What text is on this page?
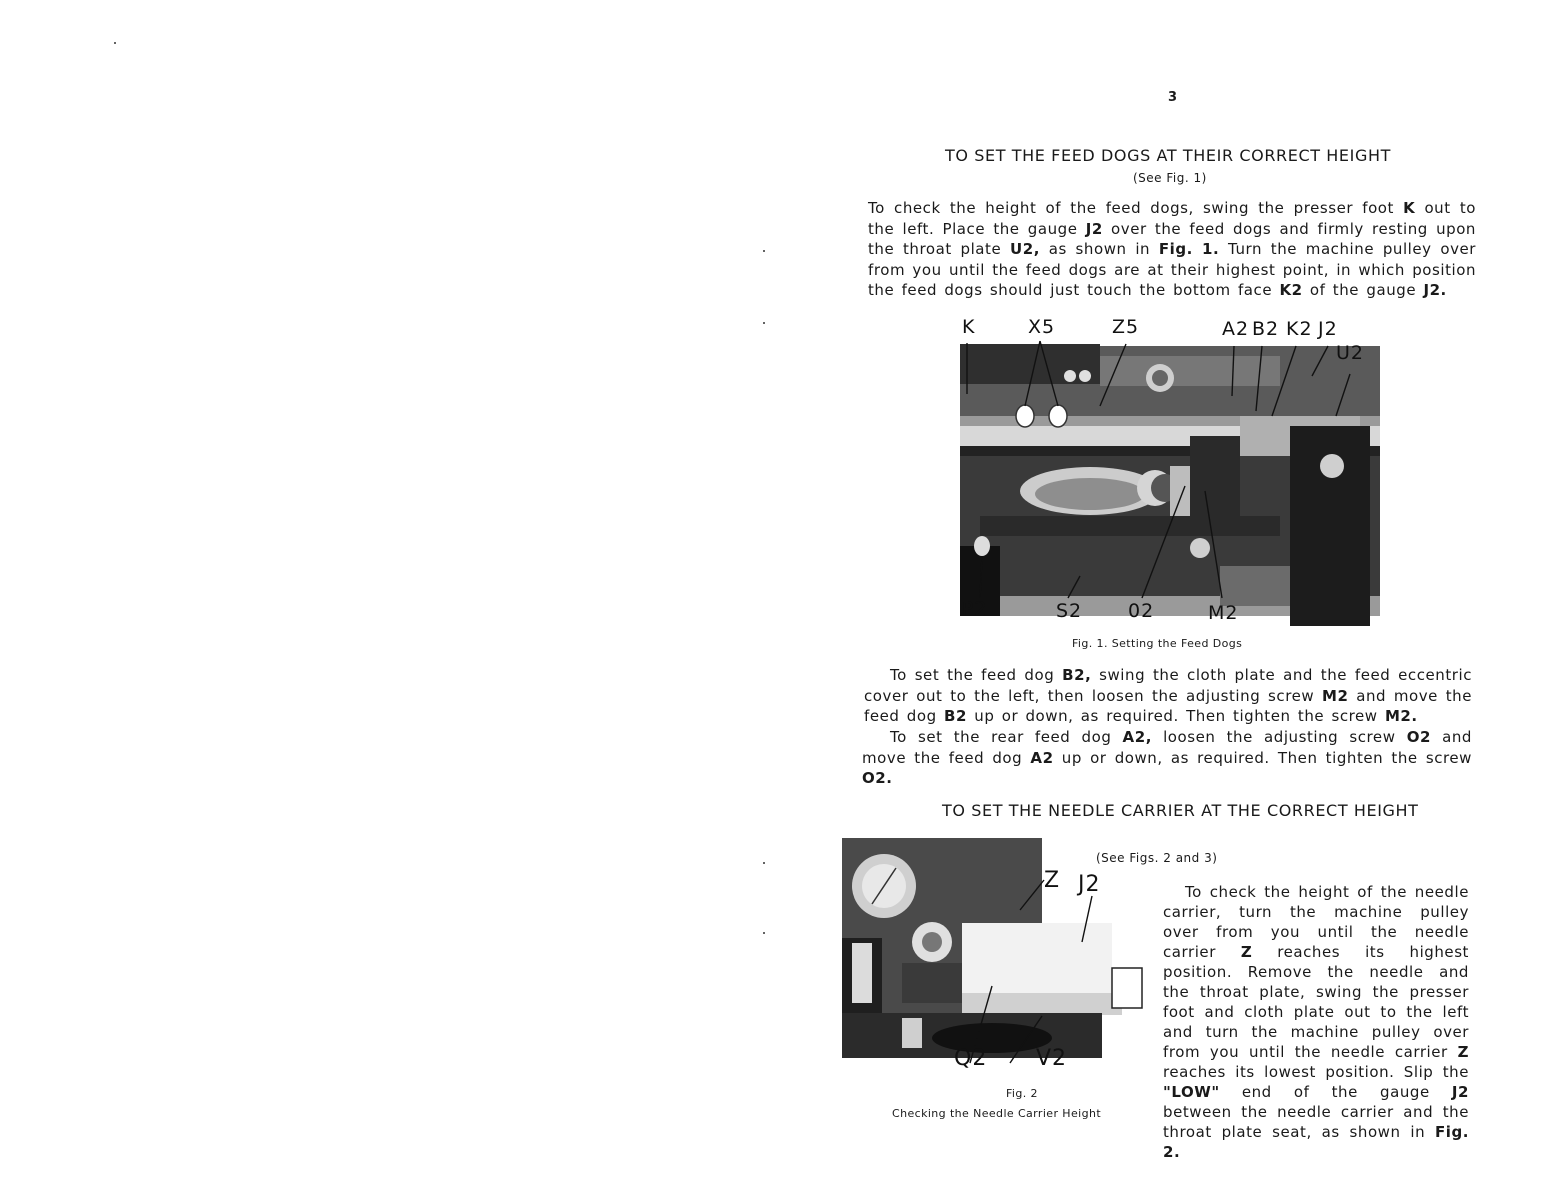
3
TO SET THE FEED DOGS AT THEIR CORRECT HEIGHT
(See Fig. 1)

To check the height of the feed dogs, swing the presser foot K out to the left. Place the gauge J2 over the feed dogs and firmly resting upon the throat plate U2, as shown in Fig. 1. Turn the machine pulley over from you until the feed dogs are at their highest point, in which position the feed dogs should just touch the bottom face K2 of the gauge J2.

K	X5	Z5	A2 B2 K2 J2
U2
P2	S2 02	M2
Fig. 1. Setting the Feed Dogs

To set the feed dog B2, swing the cloth plate and the feed eccentric cover out to the left, then loosen the adjusting screw M2 and move the feed dog B2 up or down, as required. Then tighten the screw M2.

To set the rear feed dog A2, loosen the adjusting screw O2 and move the feed dog A2 up or down, as required. Then tighten the screw O2.

TO SET THE NEEDLE CARRIER AT THE CORRECT HEIGHT
Z J2
Q2 V2
(See Figs. 2 and 3)
Fig. 2
Checking the Needle Carrier Height

To check the height of the needle carrier, turn the machine pulley over from you until the needle carrier Z reaches its highest position. Remove the needle and the throat plate, swing the presser foot and cloth plate out to the left and turn the machine pulley over from you until the needle carrier Z reaches its lowest position. Slip the "LOW" end of the gauge J2 between the needle carrier and the throat plate seat, as shown in Fig. 2.
